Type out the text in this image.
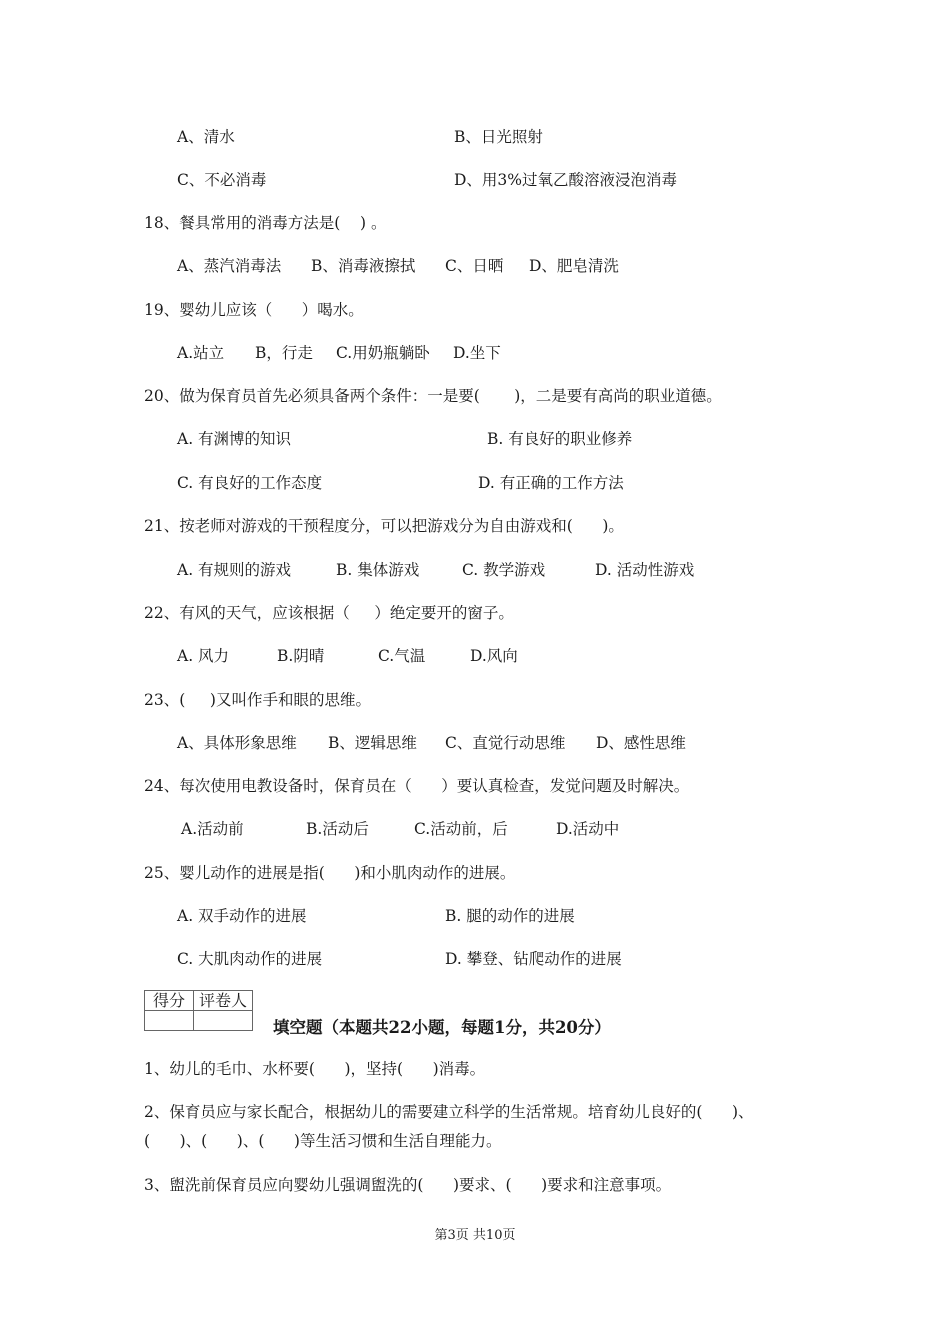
A、清水	B、日光照射
C、不必消毒	D、用3%过氧乙酸溶液浸泡消毒
18、餐具常用的消毒方法是(    ) 。
A、蒸汽消毒法 B、消毒液擦拭 C、日晒 D、肥皂清洗
19、婴幼儿应该（      ）喝水。
A.站立 B，行走 C.用奶瓶躺卧 D.坐下
20、做为保育员首先必须具备两个条件：一是要(       )，二是要有高尚的职业道德。
A. 有渊博的知识	B. 有良好的职业修养
C. 有良好的工作态度	D. 有正确的工作方法
21、按老师对游戏的干预程度分，可以把游戏分为自由游戏和(      )。
A. 有规则的游戏	B. 集体游戏	C. 教学游戏	D. 活动性游戏
22、有风的天气，应该根据（     ）绝定要开的窗子。
A. 风力	B.阴晴	C.气温	D.风向
23、(     )又叫作手和眼的思维。
A、具体形象思维 B、逻辑思维 C、直觉行动思维 D、感性思维
24、每次使用电教设备时，保育员在（      ）要认真检查，发觉问题及时解决。
A.活动前	B.活动后	C.活动前，后	D.活动中
25、婴儿动作的进展是指(      )和小肌肉动作的进展。
A. 双手动作的进展	B. 腿的动作的进展
C. 大肌肉动作的进展	D. 攀登、钻爬动作的进展
得分	评卷人

填空题（本题共22小题，每题1分，共20分）
1、幼儿的毛巾、水杯要(      )，坚持(      )消毒。
2、保育员应与家长配合，根据幼儿的需要建立科学的生活常规。培育幼儿良好的(      )、
(      )、(      )、(      )等生活习惯和生活自理能力。
3、盥洗前保育员应向婴幼儿强调盥洗的(      )要求、(      )要求和注意事项。
第3页 共10页
